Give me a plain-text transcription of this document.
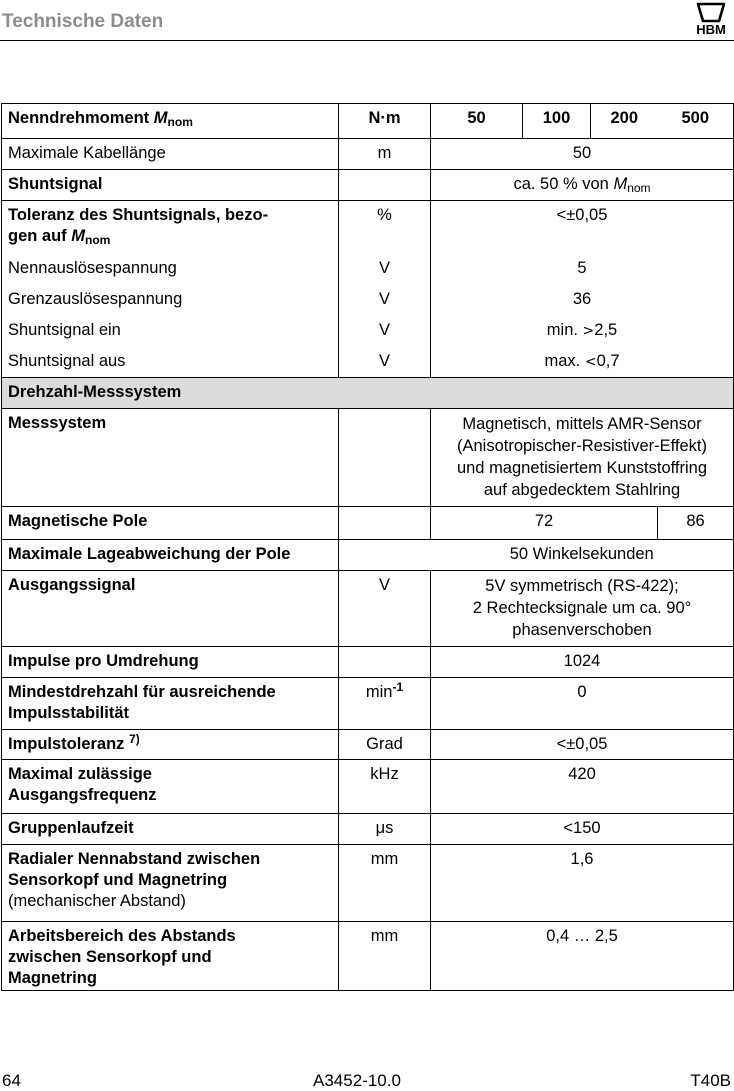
Technische Daten	HBM
Nenndrehmoment $M_{nom}$	N·m	50	100	200	500
Maximale Kabellänge	m	50			
Shuntsignal		ca. 50 % von $M_{nom}$
Toleranz des Shuntsignals, bezo-
gen auf $M_{nom}$	%	<±0,05			
Nennauslösespannung	V	5			
Grenzauslösespannung	V	36			
Shuntsignal ein	V	min. >2,5			
Shuntsignal aus	V	max. <0,7			
Drehzahl-Messsystem					
Messsystem		Magnetisch, mittels AMR-Sensor
(Anisotropischer-Resistiver-Effekt)
und magnetisiertem Kunststoffring
auf abgedecktem Stahlring			
Magnetische Pole		72			86
Maximale Lageabweichung der Pole		50 Winkelsekunden			
Ausgangssignal	V	5V symmetrisch (RS-422);
2 Rechtecksignale um ca. 90°
phasenverschoben			
Impulse pro Umdrehung		1024			
Mindestdrehzahl für ausreichende
Impulsstabilität	$\min^{-1}$	0			
Impulstoleranz $^{7)}$	Grad	<±0,05			
Maximal zulässige
Ausgangsfrequenz	kHz	420			
Gruppenlaufzeit	μs	<150			
Radialer Nennabstand zwischen
Sensorkopf und Magnetring
(mechanischer Abstand)	mm	1,6			
Arbeitsbereich des Abstands
zwischen Sensorkopf und
Magnetring	mm	0,4 … 2,5			
64	A3452-10.0	T40B
